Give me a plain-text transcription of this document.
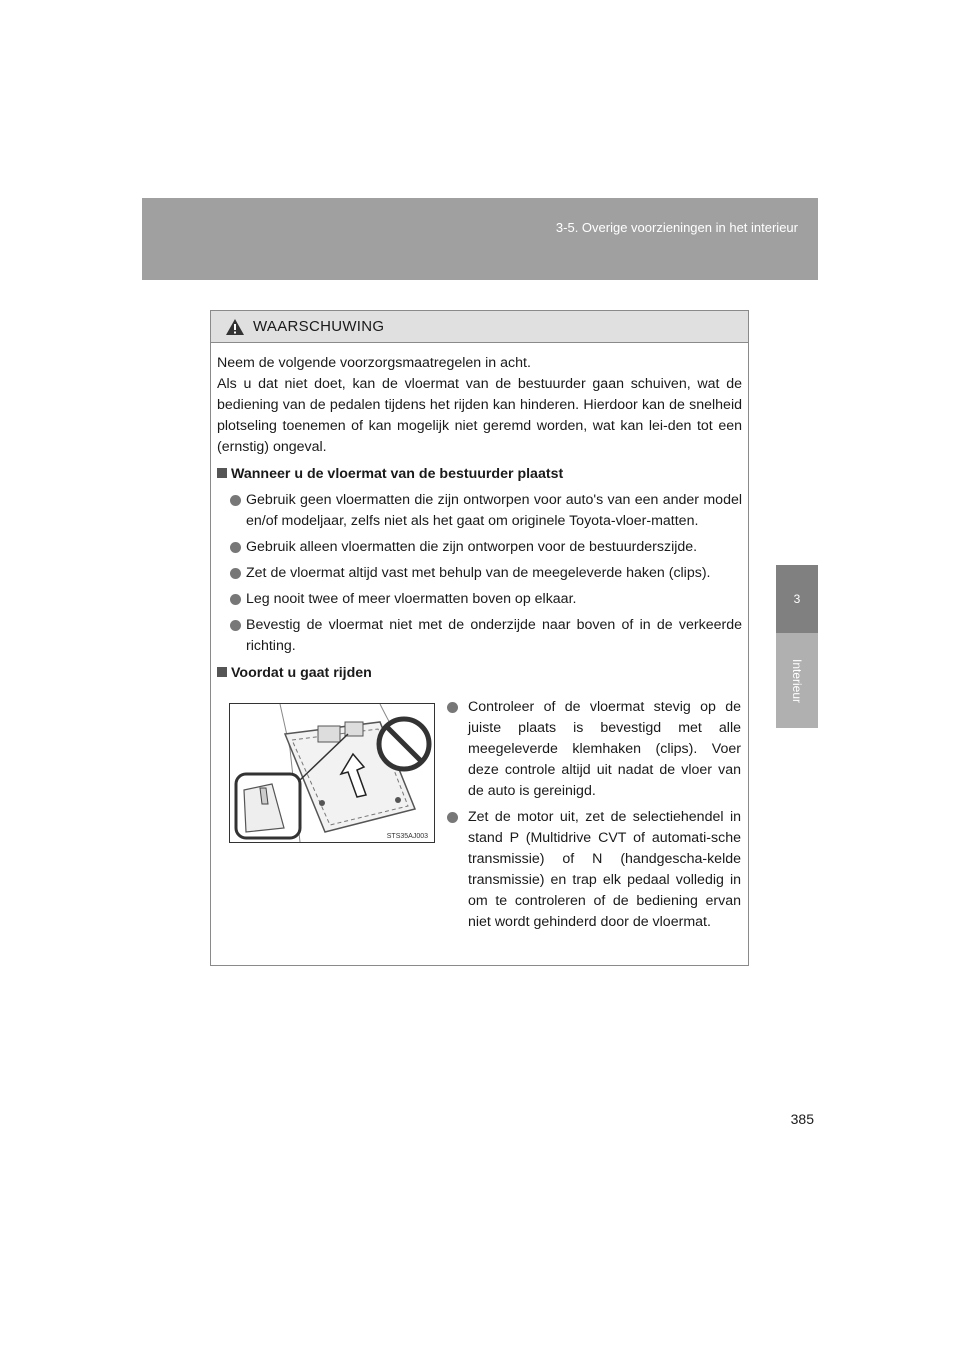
3-5. Overige voorzieningen in het interieur
3
Interieur
WAARSCHUWING
Neem de volgende voorzorgsmaatregelen in acht.
Als u dat niet doet, kan de vloermat van de bestuurder gaan schuiven, wat de bediening van de pedalen tijdens het rijden kan hinderen. Hierdoor kan de snelheid plotseling toenemen of kan mogelijk niet geremd worden, wat kan lei-den tot een (ernstig) ongeval.
Wanneer u de vloermat van de bestuurder plaatst
Gebruik geen vloermatten die zijn ontworpen voor auto's van een ander model en/of modeljaar, zelfs niet als het gaat om originele Toyota-vloer-matten.
Gebruik alleen vloermatten die zijn ontworpen voor de bestuurderszijde.
Zet de vloermat altijd vast met behulp van de meegeleverde haken (clips).
Leg nooit twee of meer vloermatten boven op elkaar.
Bevestig de vloermat niet met de onderzijde naar boven of in de verkeerde richting.
Voordat u gaat rijden
STS35AJ003
Controleer of de vloermat stevig op de juiste plaats is bevestigd met alle meegeleverde klemhaken (clips). Voer deze controle altijd uit nadat de vloer van de auto is gereinigd.
Zet de motor uit, zet de selectiehendel in stand P (Multidrive CVT of automati-sche transmissie) of N (handgescha-kelde transmissie) en trap elk pedaal volledig in om te controleren of de bediening ervan niet wordt gehinderd door de vloermat.
385
